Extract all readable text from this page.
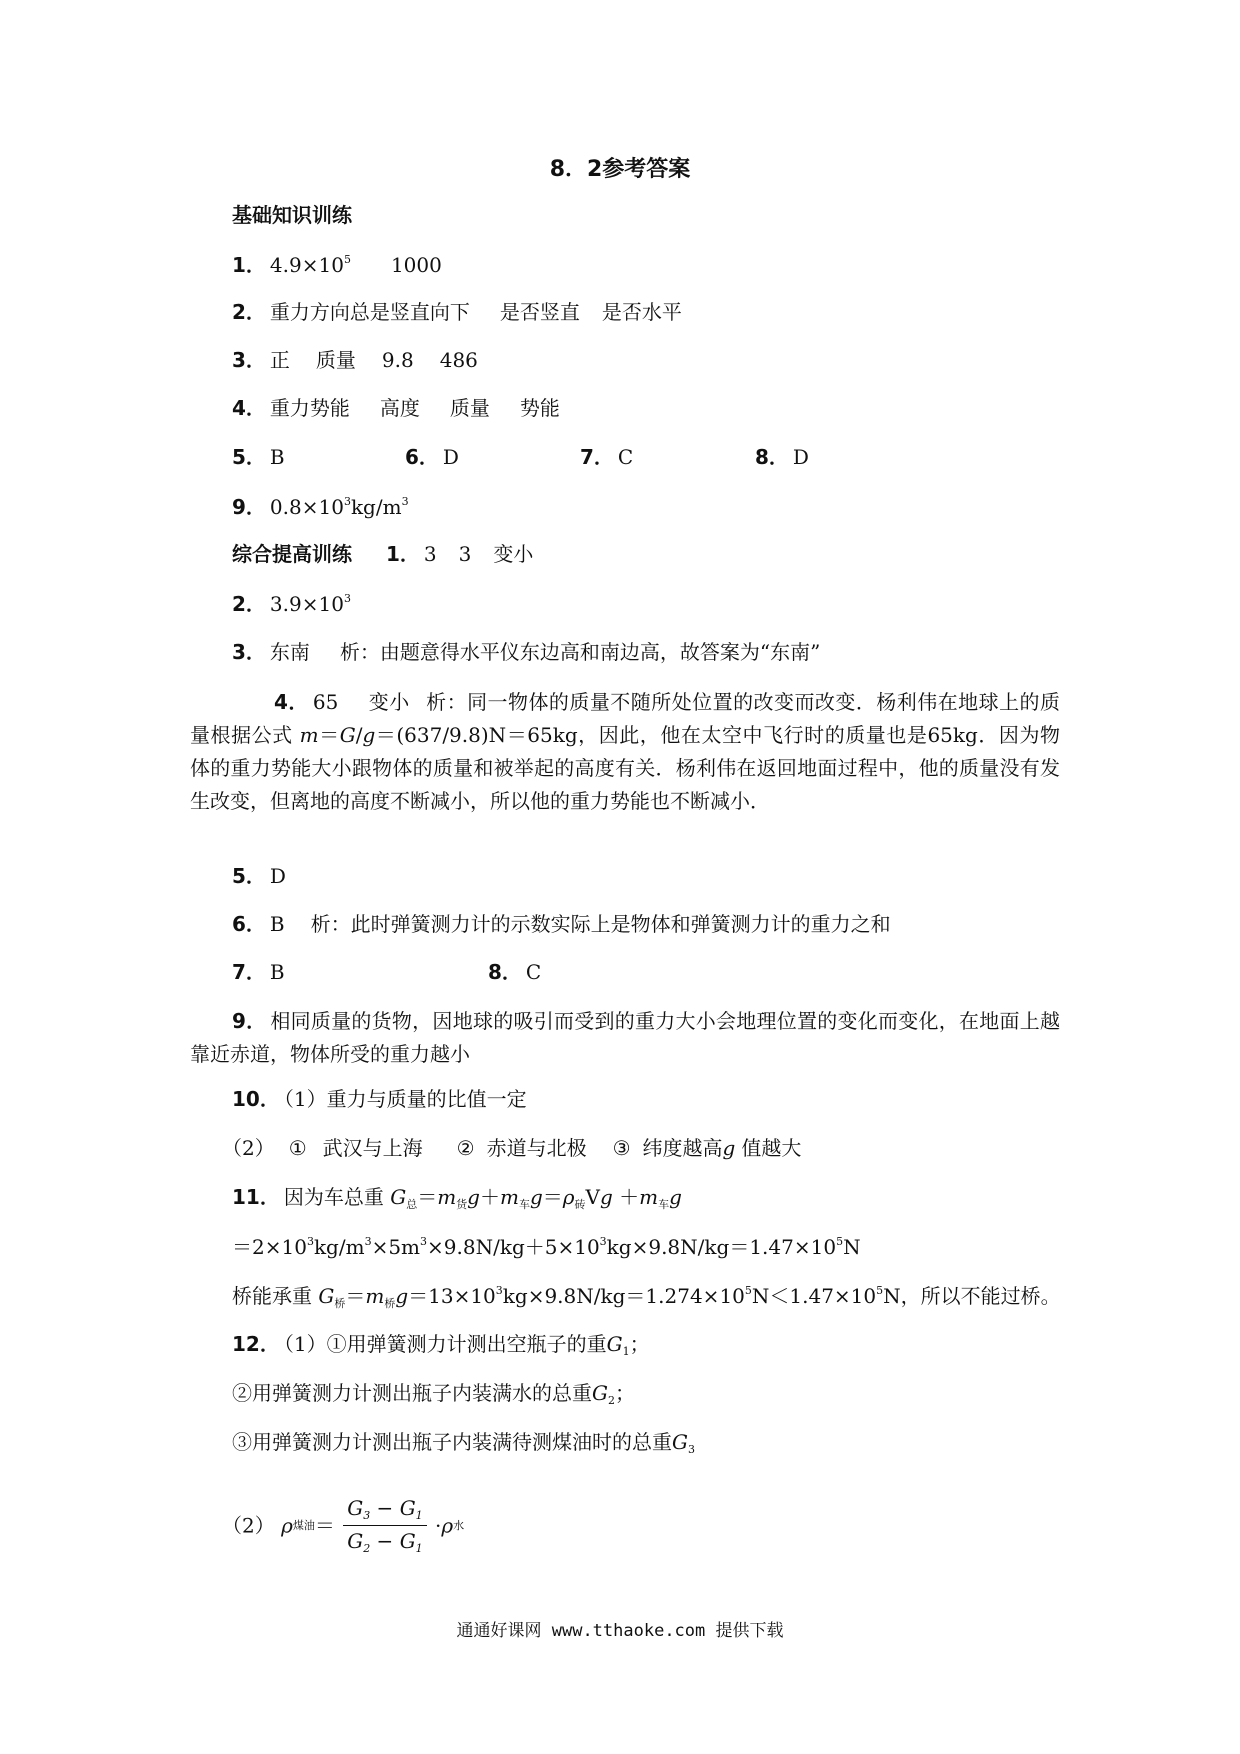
8．2参考答案
基础知识训练
1． $4.9\times 10^5$ 1000
2． 重力方向总是竖直向下 是否竖直 是否水平
3． 正 质量 9.8 486
4． 重力势能 高度 质量 势能
5． B	6． D	7． C	8． D
9． $0.8\times 10^3kg/m^3$
综合提高训练 1． 3 3 变小
2． $3.9\times 10^3$
3． 东南 析：由题意得水平仪东边高和南边高，故答案为“东南”

4． 65 变小 析：同一物体的质量不随所处位置的改变而改变．杨利伟在地球上的质量根据公式 m＝G/g＝(637/9.8)N＝65kg，因此，他在太空中飞行时的质量也是65kg．因为物体的重力势能大小跟物体的质量和被举起的高度有关．杨利伟在返回地面过程中，他的质量没有发生改变，但离地的高度不断减小，所以他的重力势能也不断减小．

5． D
6． B 析：此时弹簧测力计的示数实际上是物体和弹簧测力计的重力之和
7． B	8． C

9． 相同质量的货物，因地球的吸引而受到的重力大小会地理位置的变化而变化，在地面上越靠近赤道，物体所受的重力越小

10． （1）重力与质量的比值一定
（2） ① 武汉与上海 ② 赤道与北极 ③ 纬度越高g 值越大
11． 因为车总重 $G_总=m_货g+m_车g=\rho_砖Vg +m_车g$
$=2\times 10^3kg/m^3\times 5m^3\times 9.8N/kg+5\times 10^3kg\times 9.8N/kg=1.47\times 10^5N$
桥能承重 $G_桥=m_桥g=13\times 10^3kg\times 9.8N/kg=1.274\times 10^5N<1.47\times 10^5N$，所以不能过桥。
12． （1）①用弹簧测力计测出空瓶子的重$G_1$；
②用弹簧测力计测出瓶子内装满水的总重$G_2$；
③用弹簧测力计测出瓶子内装满待测煤油时的总重$G_3$
（2） ρ煤油＝ $\frac{G_3 - G_1}{G_2 - G_1} \cdot\rho$水
通通好课网 www.tthaoke.com 提供下载
